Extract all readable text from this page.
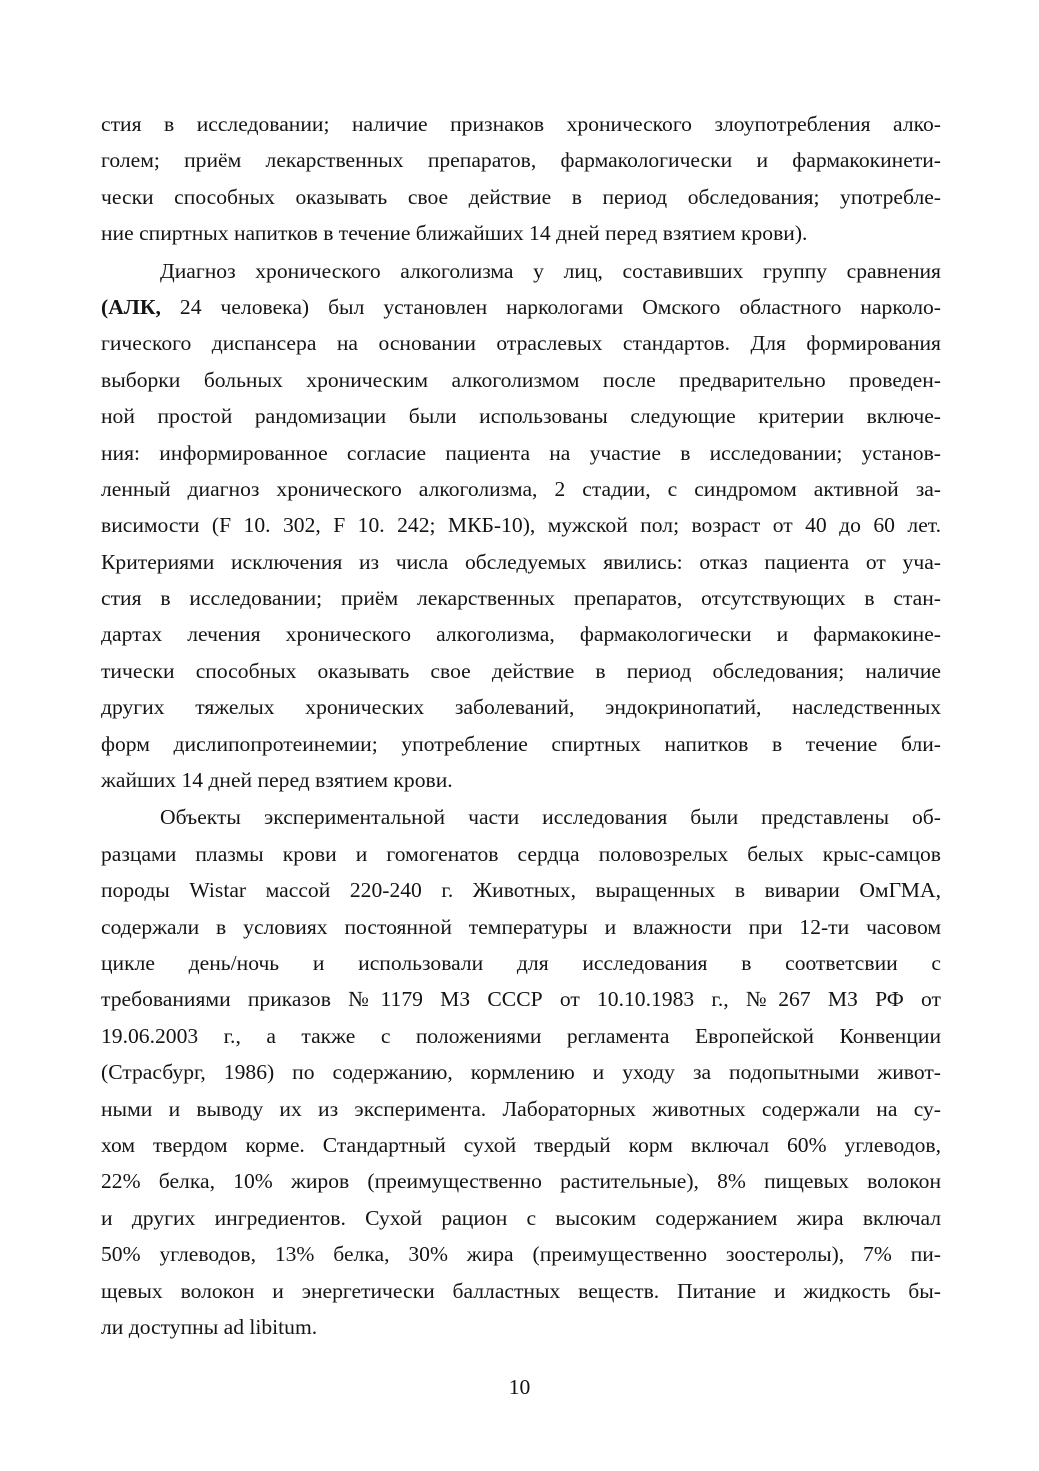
стия в исследовании; наличие признаков хронического злоупотребления алко-
голем; приём лекарственных препаратов, фармакологически и фармакокинети-
чески способных оказывать свое действие в период обследования; употребле-
ние спиртных напитков в течение ближайших 14 дней перед взятием крови).

Диагноз хронического алкоголизма у лиц, составивших группу сравнения
(АЛК, 24 человека) был установлен наркологами Омского областного нарколо-
гического диспансера на основании отраслевых стандартов. Для формирования
выборки больных хроническим алкоголизмом после предварительно проведен-
ной простой рандомизации были использованы следующие критерии включе-
ния: информированное согласие пациента на участие в исследовании; установ-
ленный диагноз хронического алкоголизма, 2 стадии, с синдромом активной за-
висимости (F 10. 302, F 10. 242; МКБ-10), мужской пол; возраст от 40 до 60 лет.
Критериями исключения из числа обследуемых явились: отказ пациента от уча-
стия в исследовании; приём лекарственных препаратов, отсутствующих в стан-
дартах лечения хронического алкоголизма, фармакологически и фармакокине-
тически способных оказывать свое действие в период обследования; наличие
других тяжелых хронических заболеваний, эндокринопатий, наследственных
форм дислипопротеинемии; употребление спиртных напитков в течение бли-
жайших 14 дней перед взятием крови.

Объекты экспериментальной части исследования были представлены об-
разцами плазмы крови и гомогенатов сердца половозрелых белых крыс-самцов
породы Wistar массой 220-240 г. Животных, выращенных в виварии ОмГМА,
содержали в условиях постоянной температуры и влажности при 12-ти часовом
цикле день/ночь и использовали для исследования в соответсвии с
требованиями приказов №1179 МЗ СССР от 10.10.1983 г., №267 МЗ РФ от
19.06.2003 г., а также с положениями регламента Европейской Конвенции
(Страсбург, 1986) по содержанию, кормлению и уходу за подопытными живот-
ными и выводу их из эксперимента. Лабораторных животных содержали на су-
хом твердом корме. Стандартный сухой твердый корм включал 60% углеводов,
22% белка, 10% жиров (преимущественно растительные), 8% пищевых волокон
и других ингредиентов. Сухой рацион с высоким содержанием жира включал
50% углеводов, 13% белка, 30% жира (преимущественно зоостеролы), 7% пи-
щевых волокон и энергетически балластных веществ. Питание и жидкость бы-
ли доступны ad libitum.

10
